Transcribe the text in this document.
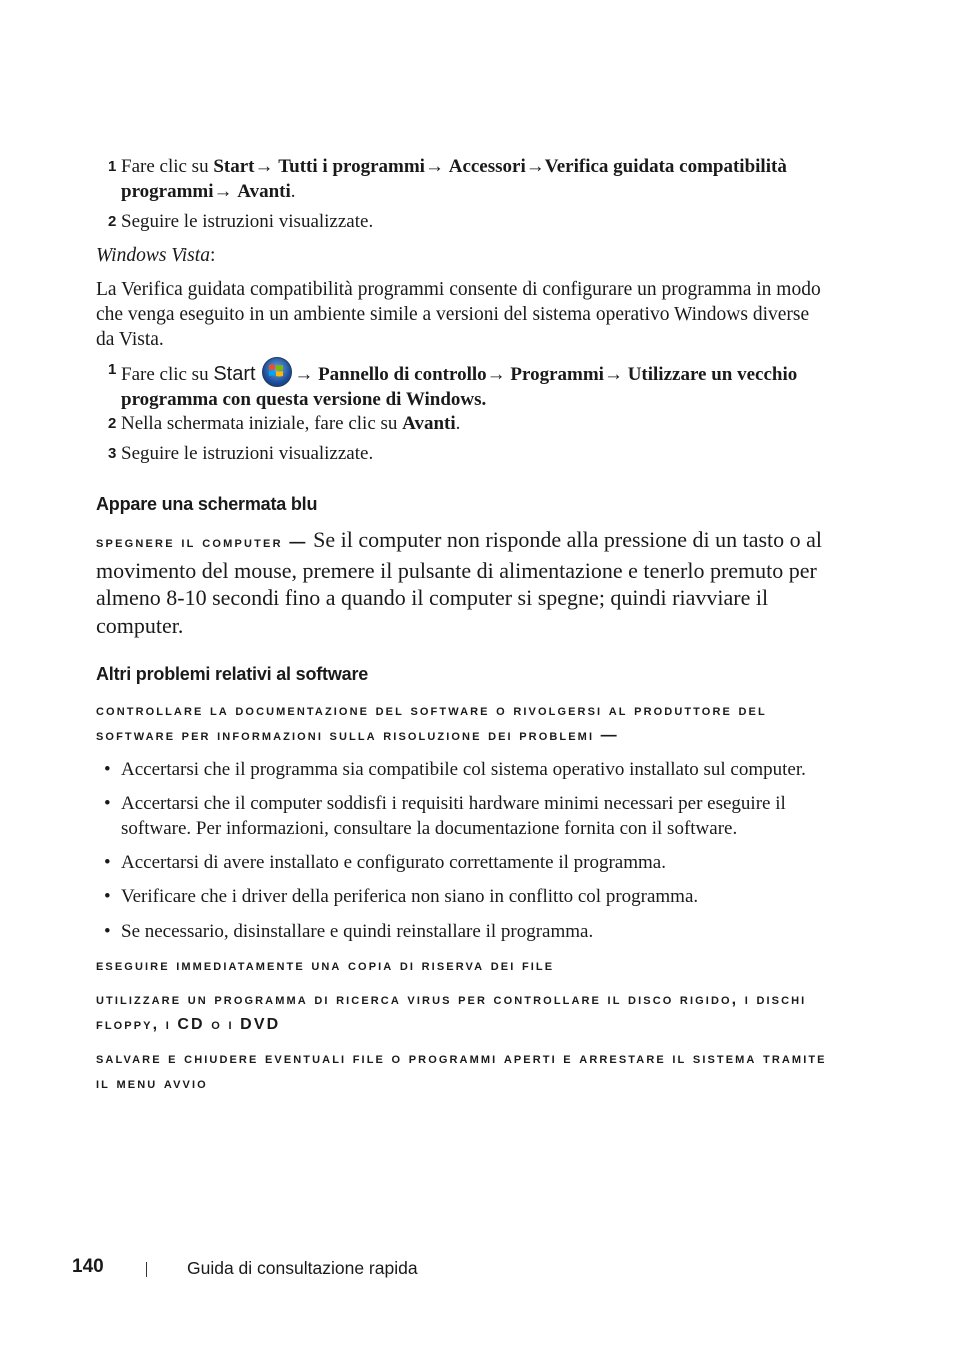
1 Fare clic su Start→ Tutti i programmi→ Accessori→Verifica guidata compatibilità programmi→ Avanti.
2 Seguire le istruzioni visualizzate.
Windows Vista:
La Verifica guidata compatibilità programmi consente di configurare un programma in modo che venga eseguito in un ambiente simile a versioni del sistema operativo Windows diverse da Vista.
1 Fare clic su Start → Pannello di controllo→ Programmi→ Utilizzare un vecchio programma con questa versione di Windows.
2 Nella schermata iniziale, fare clic su Avanti.
3 Seguire le istruzioni visualizzate.
Appare una schermata blu
spegnere il computer — Se il computer non risponde alla pressione di un tasto o al movimento del mouse, premere il pulsante di alimentazione e tenerlo premuto per almeno 8-10 secondi fino a quando il computer si spegne; quindi riavviare il computer.
Altri problemi relativi al software
controllare la documentazione del software o rivolgersi al produttore del software per informazioni sulla risoluzione dei problemi —
• Accertarsi che il programma sia compatibile col sistema operativo installato sul computer.
• Accertarsi che il computer soddisfi i requisiti hardware minimi necessari per eseguire il software. Per informazioni, consultare la documentazione fornita con il software.
• Accertarsi di avere installato e configurato correttamente il programma.
• Verificare che i driver della periferica non siano in conflitto col programma.
• Se necessario, disinstallare e quindi reinstallare il programma.
eseguire immediatamente una copia di riserva dei file
utilizzare un programma di ricerca virus per controllare il disco rigido, i dischi floppy, i CD o i DVD
salvare e chiudere eventuali file o programmi aperti e arrestare il sistema tramite il menu avvio
140	Guida di consultazione rapida
